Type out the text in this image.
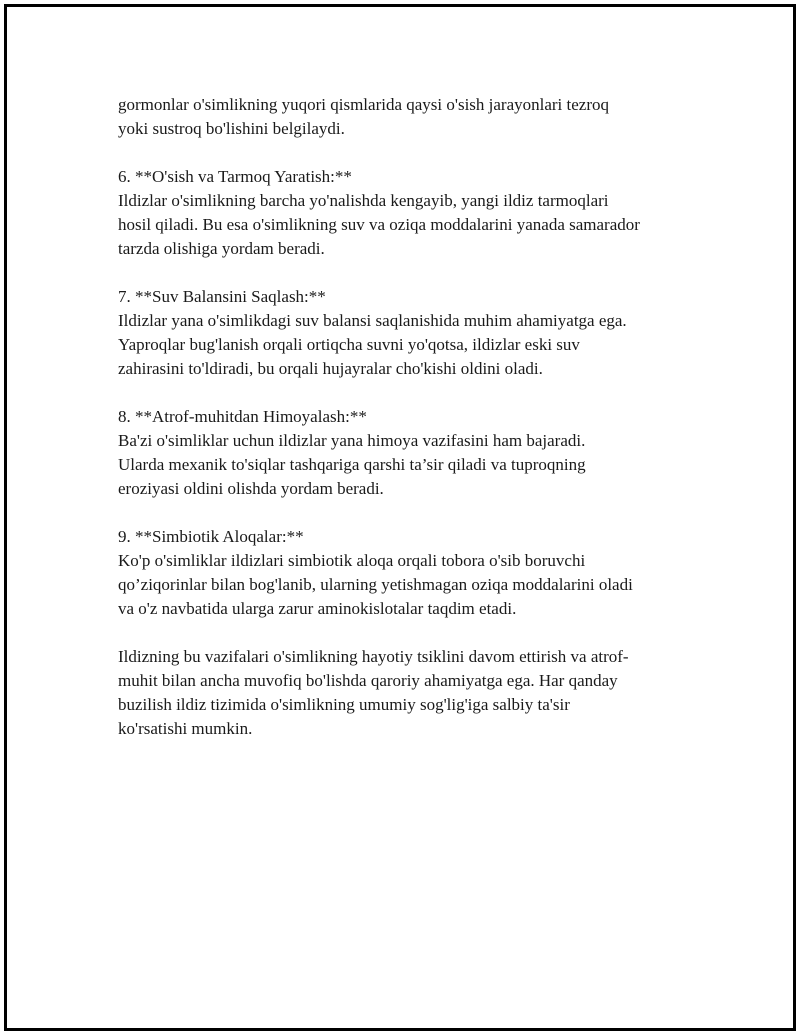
gormonlar o'simlikning yuqori qismlarida qaysi o'sish jarayonlari tezroq
yoki sustroq bo'lishini belgilaydi.

6. **O'sish va Tarmoq Yaratish:**

Ildizlar o'simlikning barcha yo'nalishda kengayib, yangi ildiz tarmoqlari
hosil qiladi. Bu esa o'simlikning suv va oziqa moddalarini yanada samarador
tarzda olishiga yordam beradi.

7. **Suv Balansini Saqlash:**

Ildizlar yana o'simlikdagi suv balansi saqlanishida muhim ahamiyatga ega.
Yaproqlar bug'lanish orqali ortiqcha suvni yo'qotsa, ildizlar eski suv
zahirasini to'ldiradi, bu orqali hujayralar cho'kishi oldini oladi.

8. **Atrof-muhitdan Himoyalash:**

Ba'zi o'simliklar uchun ildizlar yana himoya vazifasini ham bajaradi.
Ularda mexanik to'siqlar tashqariga qarshi ta’sir qiladi va tuproqning
eroziyasi oldini olishda yordam beradi.

9. **Simbiotik Aloqalar:**

Ko'p o'simliklar ildizlari simbiotik aloqa orqali tobora o'sib boruvchi
qo’ziqorinlar bilan bog'lanib, ularning yetishmagan oziqa moddalarini oladi
va o'z navbatida ularga zarur aminokislotalar taqdim etadi.

Ildizning bu vazifalari o'simlikning hayotiy tsiklini davom ettirish va atrof-
muhit bilan ancha muvofiq bo'lishda qaroriy ahamiyatga ega. Har qanday
buzilish ildiz tizimida o'simlikning umumiy sog'lig'iga salbiy ta'sir
ko'rsatishi mumkin.
